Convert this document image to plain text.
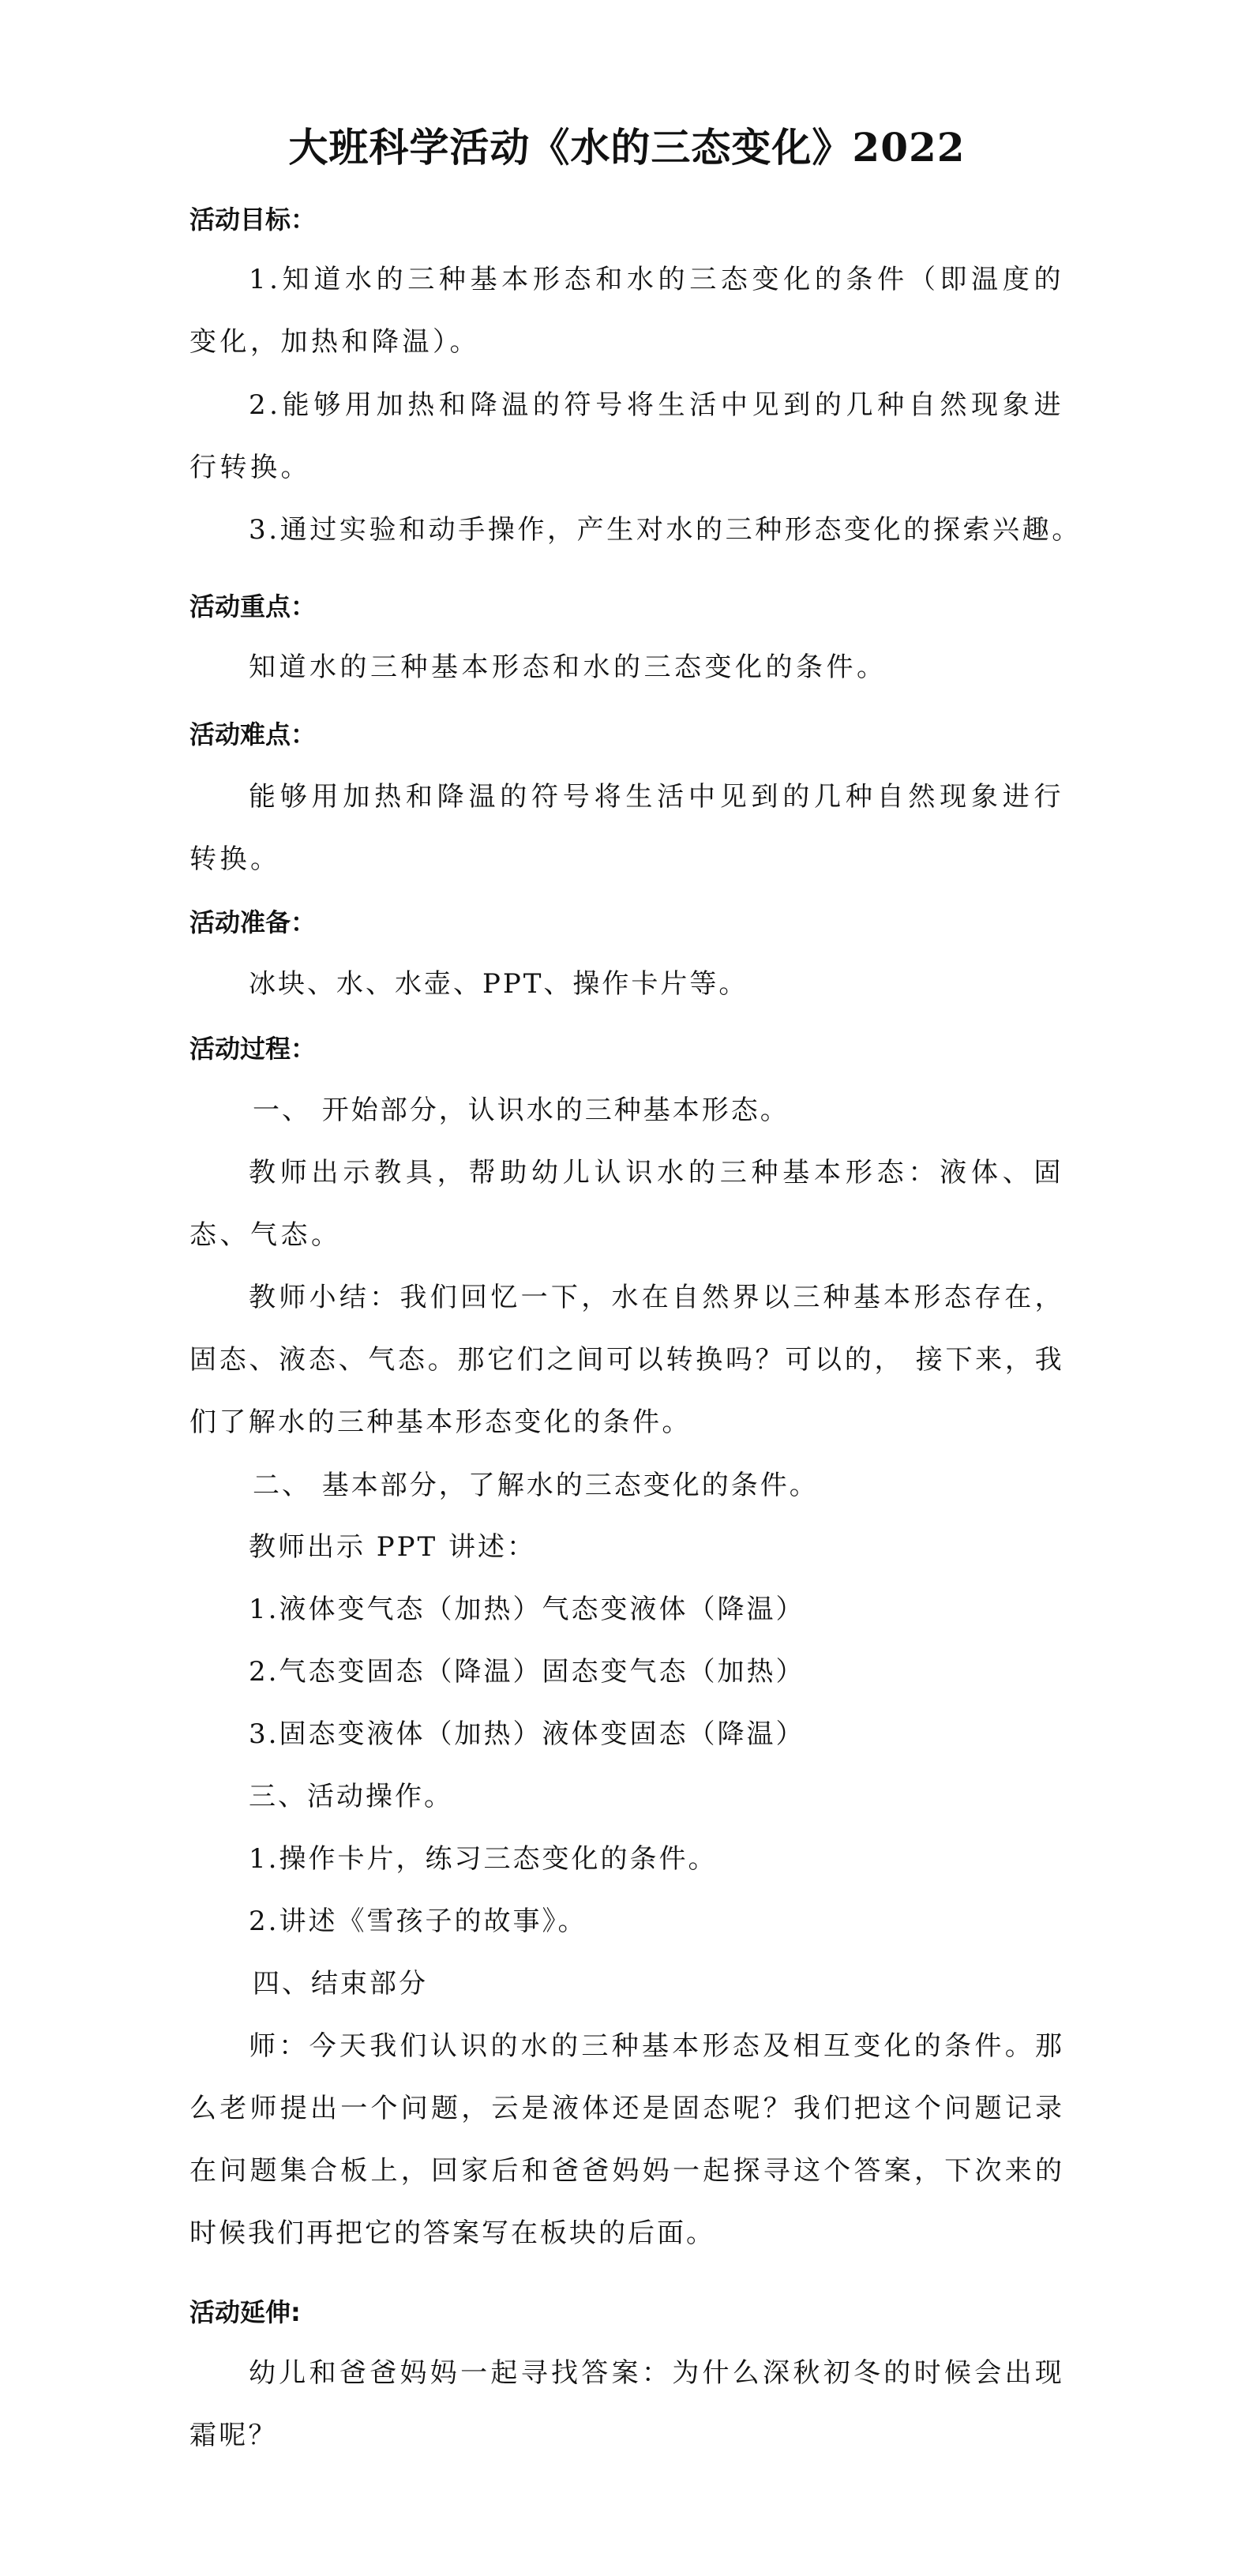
大班科学活动《水的三态变化》2022
活动目标：

1.知道水的三种基本形态和水的三态变化的条件（即温度的变化，加热和降温）。

2.能够用加热和降温的符号将生活中见到的几种自然现象进行转换。

3.通过实验和动手操作，产生对水的三种形态变化的探索兴趣。

活动重点：

知道水的三种基本形态和水的三态变化的条件。

活动难点：

能够用加热和降温的符号将生活中见到的几种自然现象进行转换。

活动准备：

冰块、水、水壶、PPT、操作卡片等。

活动过程：

一、 开始部分，认识水的三种基本形态。

教师出示教具，帮助幼儿认识水的三种基本形态：液体、固态、气态。

教师小结：我们回忆一下，水在自然界以三种基本形态存在，固态、液态、气态。那它们之间可以转换吗？可以的， 接下来，我们了解水的三种基本形态变化的条件。

二、 基本部分，了解水的三态变化的条件。

教师出示 PPT 讲述：

1.液体变气态（加热）气态变液体（降温）

2.气态变固态（降温）固态变气态（加热）

3.固态变液体（加热）液体变固态（降温）

三、活动操作。

1.操作卡片，练习三态变化的条件。

2.讲述《雪孩子的故事》。

四、结束部分

师：今天我们认识的水的三种基本形态及相互变化的条件。那么老师提出一个问题，云是液体还是固态呢？我们把这个问题记录在问题集合板上，回家后和爸爸妈妈一起探寻这个答案，下次来的时候我们再把它的答案写在板块的后面。

活动延伸:

幼儿和爸爸妈妈一起寻找答案：为什么深秋初冬的时候会出现霜呢？
